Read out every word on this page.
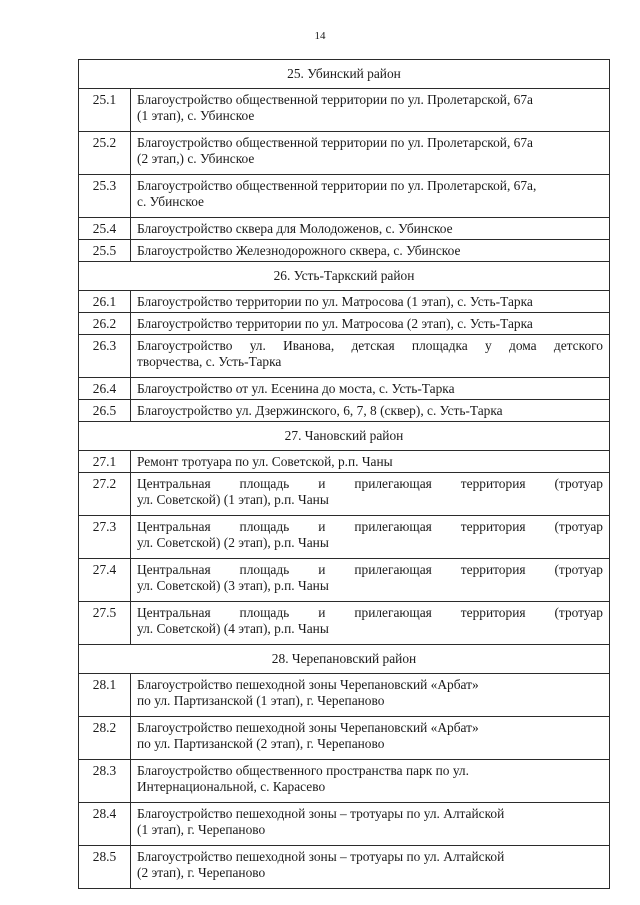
14
25. Убинский район	
25.1	Благоустройство общественной территории по ул. Пролетарской, 67а
(1 этап), с. Убинское
25.2	Благоустройство общественной территории по ул. Пролетарской, 67а
(2 этап,) с. Убинское
25.3	Благоустройство общественной территории по ул. Пролетарской, 67а,
с. Убинское
25.4	Благоустройство сквера для Молодоженов, с. Убинское
25.5	Благоустройство Железнодорожного сквера, с. Убинское
26. Усть-Таркский район	
26.1	Благоустройство территории по ул. Матросова (1 этап), с. Усть-Тарка
26.2	Благоустройство территории по ул. Матросова (2 этап), с. Усть-Тарка
26.3	Благоустройство ул. Иванова, детская площадка у дома детского
творчества, с. Усть-Тарка

26.4	Благоустройство от ул. Есенина до моста, с. Усть-Тарка
26.5	Благоустройство ул. Дзержинского, 6, 7, 8 (сквер), с. Усть-Тарка
27. Чановский район	
27.1	Ремонт тротуара по ул. Советской, р.п. Чаны
27.2	Центральная площадь и прилегающая территория (тротуар
ул. Советской) (1 этап), р.п. Чаны

27.3	Центральная площадь и прилегающая территория (тротуар
ул. Советской) (2 этап), р.п. Чаны

27.4	Центральная площадь и прилегающая территория (тротуар
ул. Советской) (3 этап), р.п. Чаны

27.5	Центральная площадь и прилегающая территория (тротуар
ул. Советской) (4 этап), р.п. Чаны

28. Черепановский район	
28.1	Благоустройство пешеходной зоны Черепановский «Арбат»
по ул. Партизанской (1 этап), г. Черепаново
28.2	Благоустройство пешеходной зоны Черепановский «Арбат»
по ул. Партизанской (2 этап), г. Черепаново
28.3	Благоустройство общественного пространства парк по ул.
Интернациональной, с. Карасево
28.4	Благоустройство пешеходной зоны – тротуары по ул. Алтайской
(1 этап), г. Черепаново
28.5	Благоустройство пешеходной зоны – тротуары по ул. Алтайской
(2 этап), г. Черепаново
